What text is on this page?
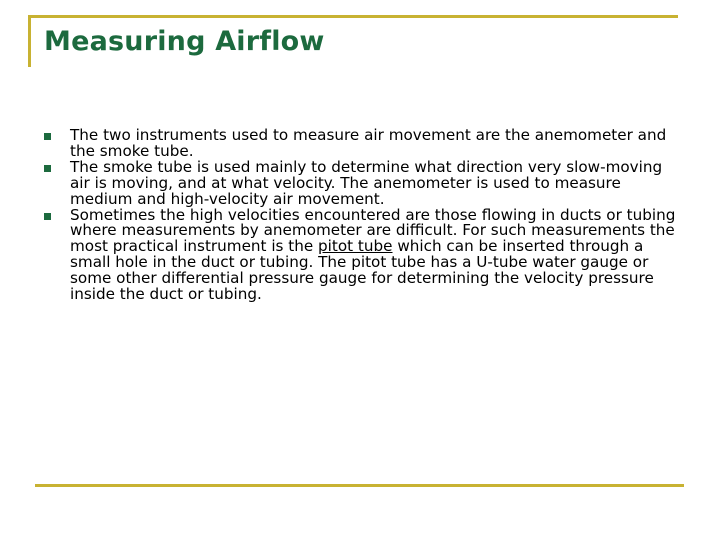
Measuring Airflow
The two instruments used to measure air movement are the anemometer and the smoke tube.
The smoke tube is used mainly to determine what direction very slow-moving air is moving, and at what velocity. The anemometer is used to measure medium and high-velocity air movement.
Sometimes the high velocities encountered are those flowing in ducts or tubing where measurements by anemometer are difficult. For such measurements the most practical instrument is the pitot tube which can be inserted through a small hole in the duct or tubing. The pitot tube has a U-tube water gauge or some other differential pressure gauge for determining the velocity pressure inside the duct or tubing.
